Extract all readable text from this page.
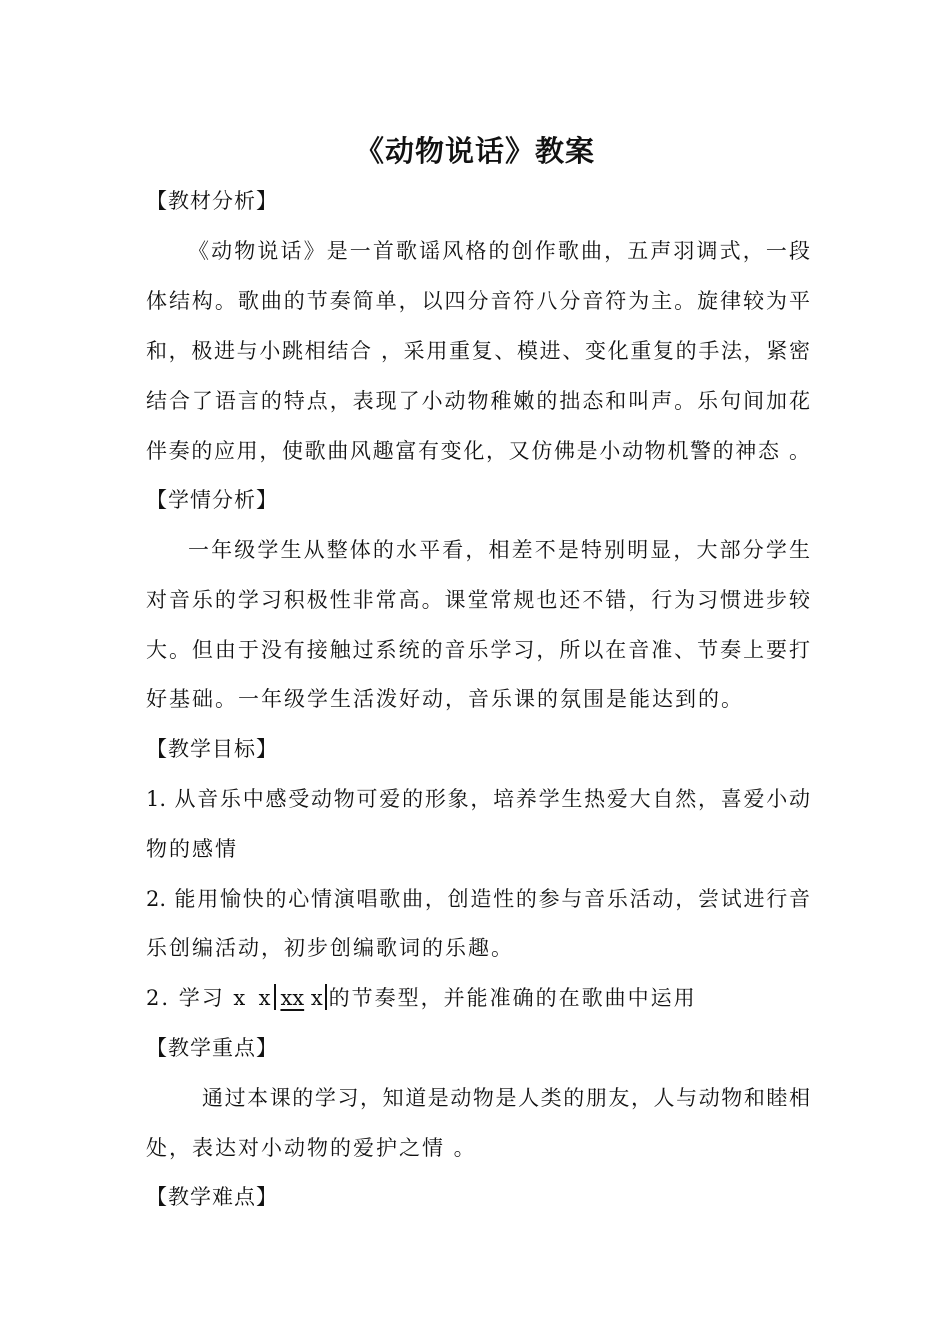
《动物说话》教案
【教材分析】
《动物说话》是一首歌谣风格的创作歌曲，五声羽调式，一段
体结构。歌曲的节奏简单，以四分音符八分音符为主。旋律较为平
和，极进与小跳相结合 ，采用重复、模进、变化重复的手法，紧密
结合了语言的特点，表现了小动物稚嫩的拙态和叫声。乐句间加花
伴奏的应用，使歌曲风趣富有变化，又仿佛是小动物机警的神态 。
【学情分析】
一年级学生从整体的水平看，相差不是特别明显，大部分学生
对音乐的学习积极性非常高。课堂常规也还不错，行为习惯进步较
大。但由于没有接触过系统的音乐学习，所以在音准、节奏上要打
好基础。一年级学生活泼好动，音乐课的氛围是能达到的。
【教学目标】
1. 从音乐中感受动物可爱的形象，培养学生热爱大自然，喜爱小动
物的感情
2. 能用愉快的心情演唱歌曲，创造性的参与音乐活动，尝试进行音
乐创编活动，初步创编歌词的乐趣。
2. 学习 x  x xx x 的节奏型，并能准确的在歌曲中运用
【教学重点】
通过本课的学习，知道是动物是人类的朋友，人与动物和睦相
处，表达对小动物的爱护之情 。
【教学难点】
